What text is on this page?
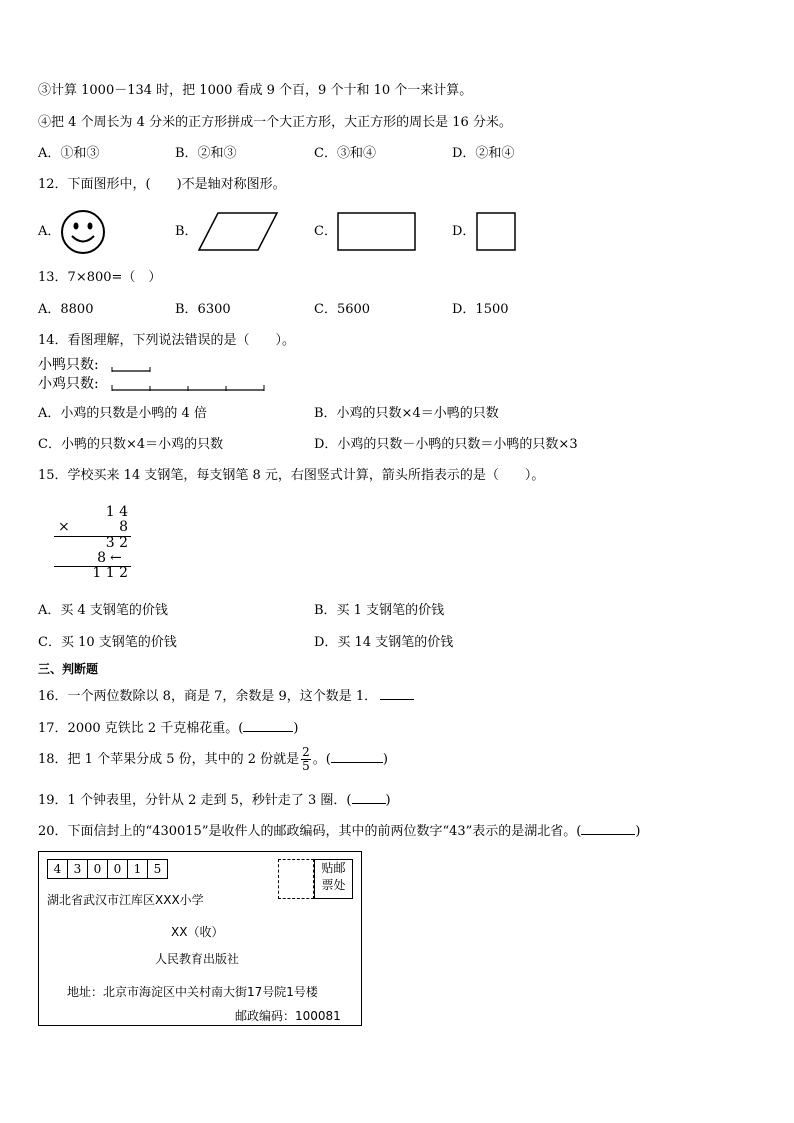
③计算 1000－134 时，把 1000 看成 9 个百，9 个十和 10 个一来计算。
④把 4 个周长为 4 分米的正方形拼成一个大正方形，大正方形的周长是 16 分米。
A．①和③	B．②和③	C．③和④	D．②和④
12．下面图形中，(　　)不是轴对称图形。
A．	B．	C．	D．
13．7×800=（　）
A．8800	B．6300	C．5600	D．1500
14．看图理解，下列说法错误的是（　　）。
小鸭只数:
小鸡只数:
A．小鸡的只数是小鸭的 4 倍	B．小鸡的只数×4＝小鸭的只数
C．小鸭的只数×4＝小鸡的只数	D．小鸡的只数－小鸭的只数＝小鸭的只数×3
15．学校买来 14 支钢笔，每支钢笔 8 元，右图竖式计算，箭头所指表示的是（　　）。
1 4
×	8
3 2
8 ←
1 1 2
A．买 4 支钢笔的价钱	B．买 1 支钢笔的价钱
C．买 10 支钢笔的价钱	D．买 14 支钢笔的价钱
三、判断题
16．一个两位数除以 8，商是 7，余数是 9，这个数是 1．
17．2000 克铁比 2 千克棉花重。(	)
18．把 1 个苹果分成 5 份，其中的 2 份就是 $\frac{2}{5}$ 。(	)
19．1 个钟表里，分针从 2 走到 5，秒针走了 3 圈．(	)
20．下面信封上的“430015”是收件人的邮政编码，其中的前两位数字“43”表示的是湖北省。(	)
4	3	0	0	1	5	贴邮
票处
湖北省武汉市江库区XXX小学
XX（收）
人民教育出版社
地址：北京市海淀区中关村南大街17号院1号楼
邮政编码：100081
